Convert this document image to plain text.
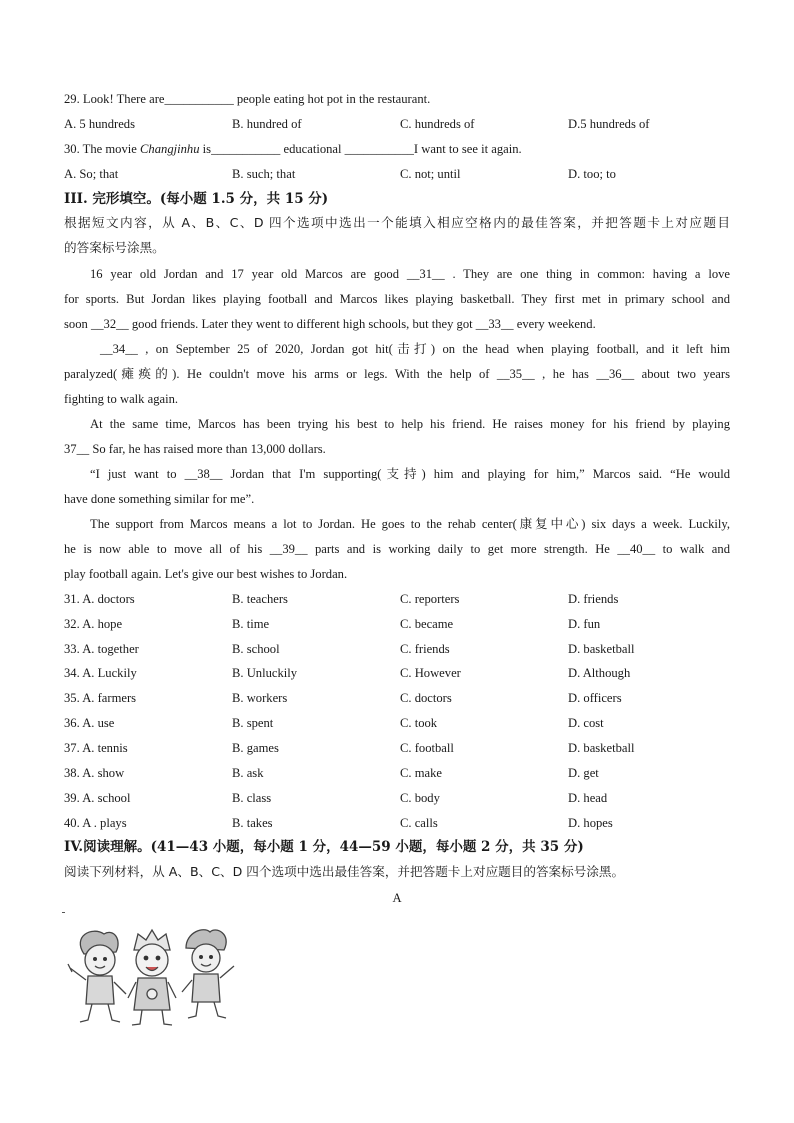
29. Look! There are___________ people eating hot pot in the restaurant.
A. 5 hundreds	B. hundred of	C. hundreds of	D.5 hundreds of
30. The movie Changjinhu is___________ educational ___________I want to see it again.
A. So; that	B. such; that	C. not; until	D. too; to
III. 完形填空。(每小题 1.5 分，共 15 分)
根据短文内容，从 A、B、C、D 四个选项中选出一个能填入相应空格内的最佳答案，并把答题卡上对应题目
的答案标号涂黑。
16 year old Jordan and 17 year old Marcos are good __31__ . They are one thing in common: having a love
for sports. But Jordan likes playing football and Marcos likes playing basketball. They first met in primary school and
soon __32__ good friends. Later they went to different high schools, but they got __33__ every weekend.
__34__ , on September 25 of 2020, Jordan got hit(击打) on the head when playing football, and it left him
paralyzed(瘫痪的). He couldn't move his arms or legs. With the help of __35__ , he has __36__ about two years
fighting to walk again.
At the same time, Marcos has been trying his best to help his friend. He raises money for his friend by playing
37__ So far, he has raised more than 13,000 dollars.
“I just want to __38__ Jordan that I'm supporting(支持) him and playing for him,” Marcos said. “He would
have done something similar for me”.
The support from Marcos means a lot to Jordan. He goes to the rehab center(康复中心) six days a week. Luckily,
he is now able to move all of his __39__ parts and is working daily to get more strength. He __40__ to walk and
play football again. Let's give our best wishes to Jordan.
31. A. doctors	B. teachers	C. reporters	D. friends
32. A. hope	B. time	C. became	D. fun
33. A. together	B. school	C. friends	D. basketball
34. A. Luckily	B. Unluckily	C. However	D. Although
35. A. farmers	B. workers	C. doctors	D. officers
36. A. use	B. spent	C. took	D. cost
37. A. tennis	B. games	C. football	D. basketball
38. A. show	B. ask	C. make	D. get
39. A. school	B. class	C. body	D. head
40. A . plays	B. takes	C. calls	D. hopes
IV.阅读理解。(41—43 小题，每小题 1 分，44—59 小题，每小题 2 分，共 35 分)
阅读下列材料，从 A、B、C、D 四个选项中选出最佳答案，并把答题卡上对应题目的答案标号涂黑。
A
